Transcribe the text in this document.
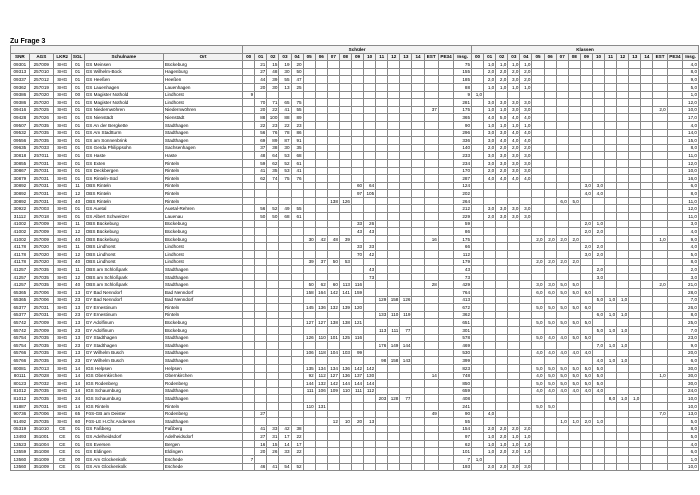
Zu Frage 3
						Schüler																		Klassen																	
SNR	AGS	LKRz	SGL	Schulname	Ort	00	01	02	03	04	05	06	07	08	09	10	11	12	13	14	EST	PE34	Insg.	00	01	02	03	04	05	06	07	08	09	10	11	12	13	14	EST	PE34	Insg.
09301	257009	SHG	01	GS Meinsen	Bückeburg		21	15	19	20													75		1,0	1,0	1,0	1,0													4,0
09313	257010	SHG	01	GS Wilhelm-Bock	Hagenburg		27	48	30	50													155		2,0	2,0	2,0	2,0													8,0
09337	257012	SHG	01	GS Heeßen	Heeßen		44	39	55	47													185		2,0	2,0	3,0	2,0													9,0
09362	257019	SHG	01	GS Lauenhagen	Lauenhagen		20	30	13	25													88		1,0	1,0	1,0	1,0													5,0
09386	257020	SHG	00	GS Magister Nothold	Lindhorst	9																	9	1,0																	1,0
09386	257020	SHG	01	GS Magister Nothold	Lindhorst		70	71	65	75													281		3,0	3,0	3,0	3,0													12,0
09416	257025	SHG	01	GS Niedernwöhren	Niedernwöhren		20	22	41	55											37		175		1,0	1,0	3,0	3,0											2,0		10,0
09428	257026	SHG	01	GS Nienstädt	Nienstädt		88	100	88	89													365		4,0	5,0	4,0	4,0													17,0
09507	257035	SHG	01	GS An der Bergkette	Stadthagen		22	23	22	23													90		1,0	1,0	1,0	1,0													4,0
09532	257035	SHG	01	GS Am Stadtturm	Stadthagen		56	76	78	86													296		3,0	3,0	4,0	4,0													14,0
09556	257035	SHG	01	GS am Sonnenbrink	Stadthagen		69	89	87	91													336		3,0	4,0	4,0	4,0													15,0
09635	257033	SHG	01	GS Gerda Philippsohn	Sachsenhagen		37	38	30	35													140		2,0	2,0	2,0	2,0													8,0
30818	257011	SHG	01	GS Haste	Haste		48	64	53	68													233		3,0	3,0	3,0	3,0													11,0
30855	257031	SHG	01	GS Exten	Rinteln		59	62	52	61													234		3,0	3,0	3,0	3,0													12,0
30867	257031	SHG	01	GS Deckbergen	Rinteln		41	35	53	41													170		2,0	2,0	3,0	3,0													10,0
30879	257031	SHG	01	GS Rinteln-Süd	Rinteln		62	74	75	76													287		4,0	4,0	4,0	4,0													16,0
30892	257031	SHG	11	OBS Rinteln	Rinteln										60	64							124										3,0	3,0							6,0
30892	257031	SHG	12	OBS Rinteln	Rinteln										97	105							202										4,0	4,0							8,0
30892	257031	SHG	40	OBS Rinteln	Rinteln								138	126									264								6,0	5,0									11,0
30922	257003	SHG	01	GS Auetal	Auetal-Rehren		56	52	49	55													212		3,0	3,0	3,0	3,0													12,0
31112	257018	SHG	01	GS Albert Schweitzer	Lauenau		50	50	68	61													229		2,0	3,0	3,0	3,0													11,0
41002	257009	SHG	11	OBS Bückeburg	Bückeburg										33	26							59										2,0	1,0							3,0
41002	257009	SHG	12	OBS Bückeburg	Bückeburg										43	43							86										2,0	2,0							4,0
41002	257009	SHG	40	OBS Bückeburg	Bückeburg						30	42	48	39							16		175						2,0	2,0	2,0	2,0							1,0		9,0
41178	257020	SHG	11	OBS Lindhorst	Lindhorst										33	33							66										2,0	2,0							4,0
41178	257020	SHG	12	OBS Lindhorst	Lindhorst										70	42							112										3,0	2,0							5,0
41178	257020	SHG	40	OBS Lindhorst	Lindhorst						39	37	50	53									179						2,0	2,0	2,0	2,0									8,0
41257	257035	SHG	11	OBS am Schloßpark	Stadthagen											43							43											2,0							2,0
41257	257035	SHG	12	OBS am Schloßpark	Stadthagen											73							73											3,0							3,0
41257	257035	SHG	40	OBS am Schloßpark	Stadthagen						50	62	60	113	116						28		429						3,0	3,0	5,0	5,0							2,0		21,0
65365	257006	SHG	13	GY Bad Nenndorf	Bad Nenndorf						158	164	142	141	159								764						6,0	6,0	5,0	5,0	6,0								28,0
65365	257006	SHG	23	GY Bad Nenndorf	Bad Nenndorf												129	158	126				413											5,0	1,0	1,0					7,0
65377	257031	SHG	13	GY Ernestinum	Rinteln						145	136	132	139	120								672						5,0	5,0	5,0	5,0	6,0								26,0
65377	257031	SHG	23	GY Ernestinum	Rinteln												133	110	119				362											6,0	1,0	1,0					8,0
65742	257009	SHG	13	GY Adolfinum	Bückeburg						127	127	138	138	121								651						5,0	5,0	5,0	5,0	5,0								25,0
65742	257009	SHG	23	GY Adolfinum	Bückeburg												113	111	77				301											5,0	1,0	1,0					7,0
65754	257035	SHG	13	GY Stadthagen	Stadthagen						126	110	101	125	116								578						5,0	4,0	4,0	5,0	5,0								23,0
65754	257035	SHG	23	GY Stadthagen	Stadthagen												176	149	144				469											7,0	1,0	1,0					9,0
65766	257035	SHG	13	GY Wilhelm Busch	Stadthagen						106	118	104	103	99								530						4,0	4,0	4,0	4,0	4,0								20,0
65766	257035	SHG	23	GY Wilhelm Busch	Stadthagen												98	158	143				399											4,0	1,0	1,0					6,0
80081	257013	SHG	14	IGS Helpsen	Helpsen						135	134	134	136	142	142							823						5,0	5,0	5,0	5,0	5,0	5,0							30,0
80111	257028	SHG	14	IGS Obernkirchen	Obernkirchen						92	112	127	136	137	130					14		748						4,0	5,0	5,0	5,0	5,0	5,0					1,0		30,0
80123	257032	SHG	14	IGS Rodenberg	Rodenberg						144	132	142	144	144	144							850						5,0	5,0	5,0	5,0	5,0	5,0							30,0
81012	257035	SHG	14	IGS Schaumburg	Stadthagen						111	106	109	110	111	112							659						4,0	4,0	4,0	4,0	4,0	4,0							24,0
81012	257035	SHG	24	IGS Schaumburg	Stadthagen												203	128	77				408												8,0	1,0	1,0				10,0
81887	257031	SHG	14	IGS Rinteln	Rinteln						110	131											241						5,0	5,0											10,0
90736	257006	SHG	65	FöS-GB am Deister	Rodenberg		27														49		90		4,0														7,0		13,0
91492	257035	SHG	60	FöS-LE H.Chr.Andersen	Stadthagen								12	10	20	13							55								1,0	1,0	2,0	1,0							5,0
05319	351010	CE	01	GS Faßberg	Faßberg		41	33	42	38													154		2,0	2,0	2,0	2,0													8,0
13493	351001	CE	01	GS Adelheidsdorf	Adelheidsdorf		27	31	17	22													97		1,0	2,0	1,0	1,0													5,0
13523	351004	CE	01	GS Eversen	Bergen		16	15	14	17													62		1,0	1,0	1,0	1,0													4,0
13559	351008	CE	01	GS Eldingen	Eldingen		20	26	33	22													101		1,0	2,0	2,0	1,0													6,0
13560	351009	CE	00	GS Am Glockenkolk	Eschede	7																	7	1,0																	1,0
13560	351009	CE	01	GS Am Glockenkolk	Eschede		46	41	54	52													193		2,0	2,0	3,0	3,0													10,0
